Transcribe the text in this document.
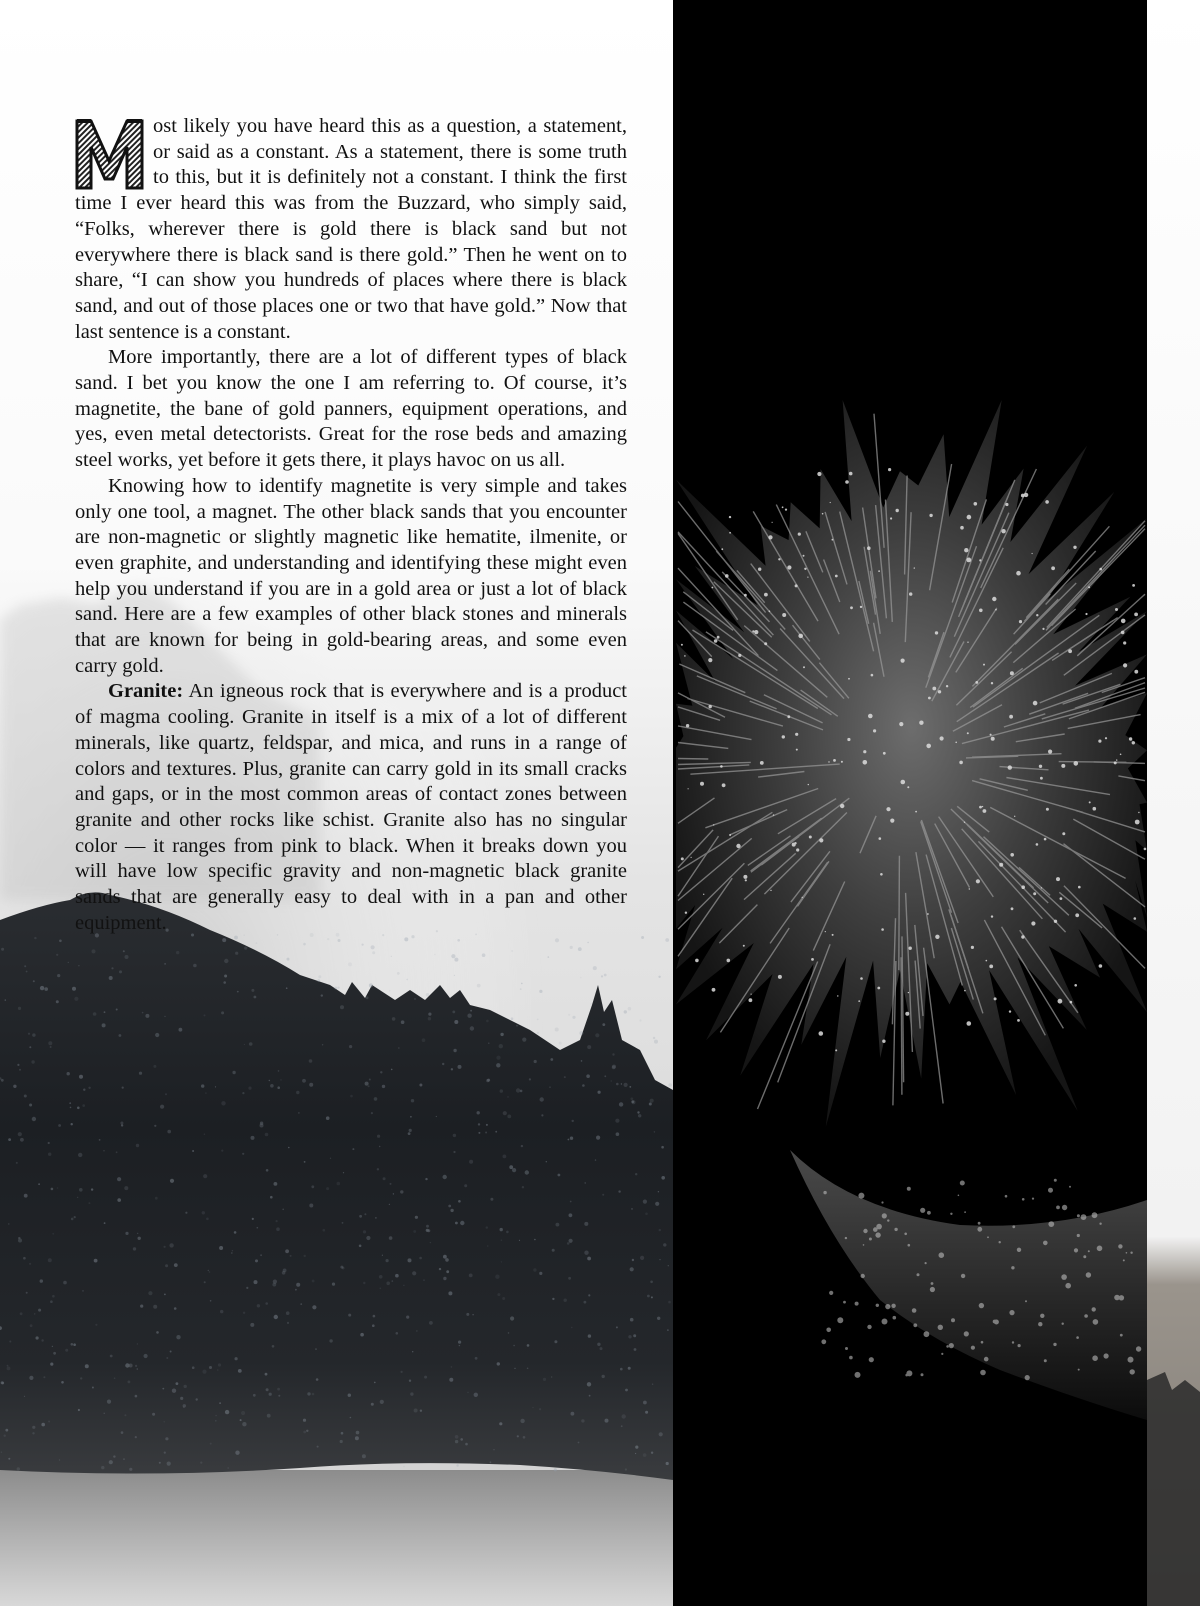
ost likely you have heard this as a question, a statement, or said as a constant. As a statement, there is some truth to this, but it is definitely not a constant. I think the first time I ever heard this was from the Buzzard, who simply said, “Folks, wherever there is gold there is black sand but not everywhere there is black sand is there gold.” Then he went on to share, “I can show you hundreds of places where there is black sand, and out of those places one or two that have gold.” Now that last sentence is a constant.

More importantly, there are a lot of different types of black sand. I bet you know the one I am referring to. Of course, it’s magnetite, the bane of gold panners, equipment operations, and yes, even metal detectorists. Great for the rose beds and amazing steel works, yet before it gets there, it plays havoc on us all.

Knowing how to identify magnetite is very simple and takes only one tool, a magnet. The other black sands that you encounter are non-magnetic or slightly magnetic like hematite, ilmenite, or even graphite, and understanding and identifying these might even help you understand if you are in a gold area or just a lot of black sand. Here are a few examples of other black stones and minerals that are known for being in gold-bearing areas, and some even carry gold.

Granite: An igneous rock that is everywhere and is a product of magma cooling. Granite in itself is a mix of a lot of different minerals, like quartz, feldspar, and mica, and runs in a range of colors and textures. Plus, granite can carry gold in its small cracks and gaps, or in the most common areas of contact zones between granite and other rocks like schist. Granite also has no singular color — it ranges from pink to black. When it breaks down you will have low specific gravity and non-magnetic black granite sands that are generally easy to deal with in a pan and other equipment.
